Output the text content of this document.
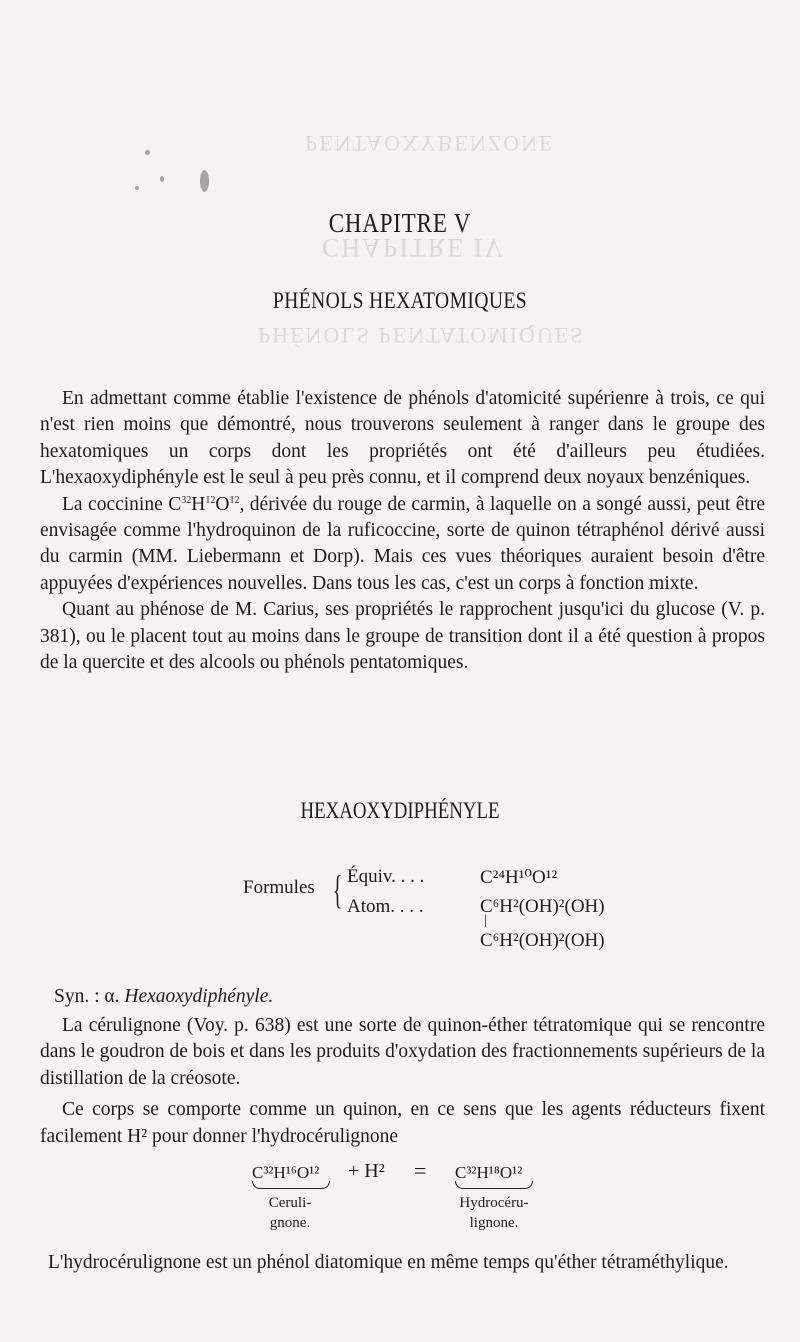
CHAPITRE IV
PHÉNOLS PENTATOMIQUES
PENTAOXYBENZONE
CHAPITRE V
PHÉNOLS HEXATOMIQUES

En admettant comme établie l'existence de phénols d'atomicité supérienre à trois, ce qui n'est rien moins que démontré, nous trouverons seulement à ranger dans le groupe des hexatomiques un corps dont les propriétés ont été d'ailleurs peu étudiées. L'hexaoxydiphényle est le seul à peu près connu, et il comprend deux noyaux benzéniques.

La coccinine $C^{32}H^{12}O^{12}$, dérivée du rouge de carmin, à laquelle on a songé aussi, peut être envisagée comme l'hydroquinon de la ruficoccine, sorte de quinon tétraphénol dérivé aussi du carmin (MM. Liebermann et Dorp). Mais ces vues théoriques auraient besoin d'être appuyées d'expériences nouvelles. Dans tous les cas, c'est un corps à fonction mixte.

Quant au phénose de M. Carius, ses propriétés le rapprochent jusqu'ici du glucose (V. p. 381), ou le placent tout au moins dans le groupe de transition dont il a été question à propos de la quercite et des alcools ou phénols pentatomiques.

HEXAOXYDIPHÉNYLE
Formules { Équiv. . . .	C²⁴H¹⁰O¹²
Atom. . . .	C⁶H²(OH)²(OH)
|
C⁶H²(OH)²(OH)
Syn. : α. Hexaoxydiphényle.

La cérulignone (Voy. p. 638) est une sorte de quinon-éther tétratomique qui se rencontre dans le goudron de bois et dans les produits d'oxydation des fractionnements supérieurs de la distillation de la créosote.

Ce corps se comporte comme un quinon, en ce sens que les agents réducteurs fixent facilement H² pour donner l'hydrocérulignone

C³²H¹⁶O¹²
Ceruli-
gnone.
+ H² = C³²H¹⁸O¹²
Hydrocéru-
lignone.

L'hydrocérulignone est un phénol diatomique en même temps qu'éther tétraméthylique.
